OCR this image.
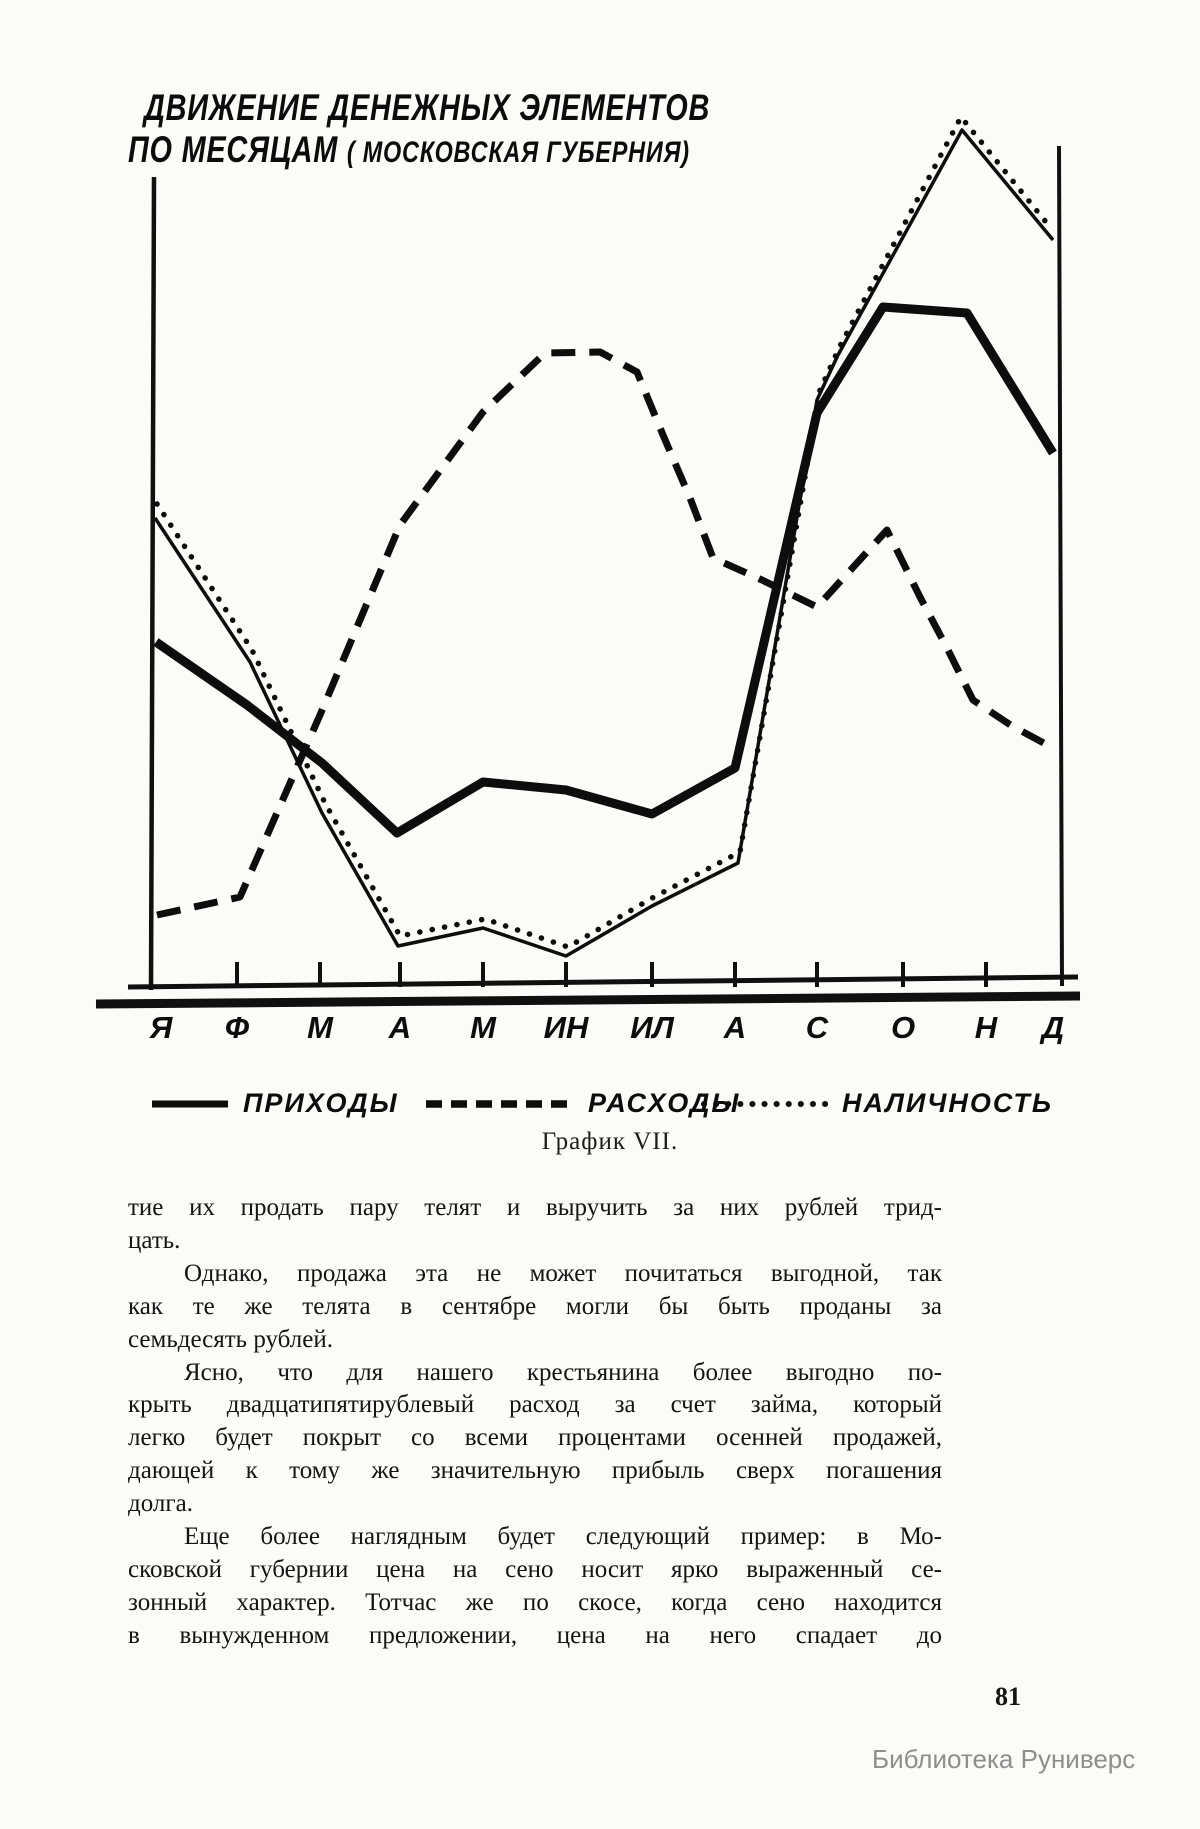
ДВИЖЕНИЕ ДЕНЕЖНЫХ ЭЛЕМЕНТОВ
ПО МЕСЯЦАМ ( МОСКОВСКАЯ ГУБЕРНИЯ)
Я Ф М А М ИН ИЛ А С О Н Д
ПРИХОДЫ	РАСХОДЫ	НАЛИЧНОСТЬ
График VII.
тие их продать пару телят и выручить за них рублей трид-
цать.
Однако, продажа эта не может почитаться выгодной, так
как те же телята в сентябре могли бы быть проданы за
семьдесять рублей.
Ясно, что для нашего крестьянина более выгодно по-
крыть двадцатипятирублевый расход за счет займа, который
легко будет покрыт со всеми процентами осенней продажей,
дающей к тому же значительную прибыль сверх погашения
долга.
Еще более наглядным будет следующий пример: в Мо-
сковской губернии цена на сено носит ярко выраженный се-
зонный характер. Тотчас же по скосе, когда сено находится
в вынужденном предложении, цена на него спадает до
81
Библиотека Руниверс
